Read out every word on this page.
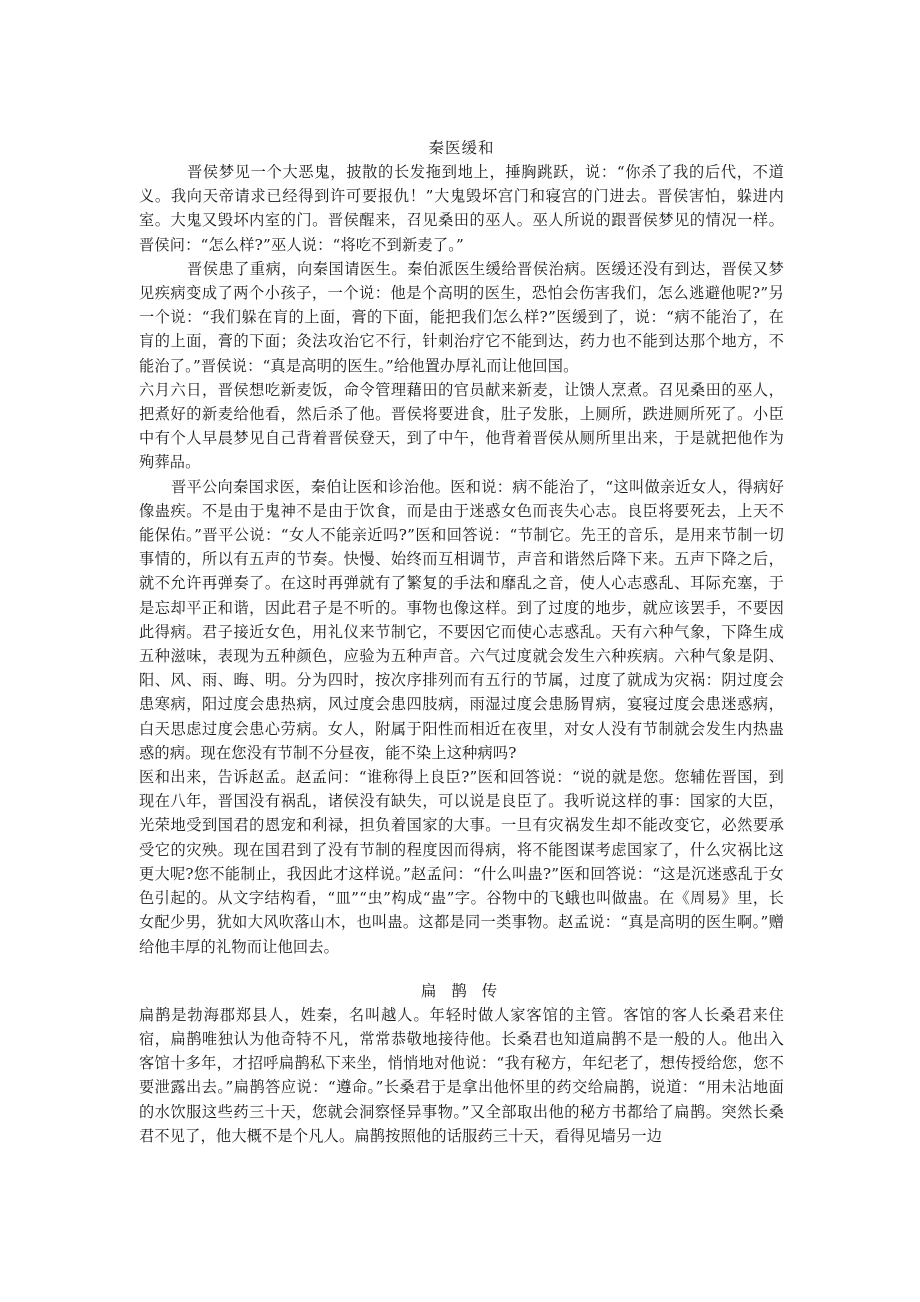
秦医缓和

晋侯梦见一个大恶鬼，披散的长发拖到地上，捶胸跳跃，说：“你杀了我的后代，不道义。我向天帝请求已经得到许可要报仇！”大鬼毁坏宫门和寝宫的门进去。晋侯害怕，躲进内室。大鬼又毁坏内室的门。晋侯醒来，召见桑田的巫人。巫人所说的跟晋侯梦见的情况一样。晋侯问：“怎么样?”巫人说：“将吃不到新麦了。”

晋侯患了重病，向秦国请医生。秦伯派医生缓给晋侯治病。医缓还没有到达，晋侯又梦见疾病变成了两个小孩子，一个说：他是个高明的医生，恐怕会伤害我们，怎么逃避他呢?”另一个说：“我们躲在肓的上面，膏的下面，能把我们怎么样?”医缓到了，说：“病不能治了，在肓的上面，膏的下面；灸法攻治它不行，针刺治疗它不能到达，药力也不能到达那个地方，不能治了。”晋侯说：“真是高明的医生。”给他置办厚礼而让他回国。

六月六日，晋侯想吃新麦饭，命令管理藉田的官员献来新麦，让馈人烹煮。召见桑田的巫人，把煮好的新麦给他看，然后杀了他。晋侯将要进食，肚子发胀，上厕所，跌进厕所死了。小臣中有个人早晨梦见自己背着晋侯登天，到了中午，他背着晋侯从厕所里出来，于是就把他作为殉葬品。

晋平公向秦国求医，秦伯让医和诊治他。医和说：病不能治了，“这叫做亲近女人，得病好像蛊疾。不是由于鬼神不是由于饮食，而是由于迷惑女色而丧失心志。良臣将要死去，上天不能保佑。”晋平公说：“女人不能亲近吗?”医和回答说：“节制它。先王的音乐，是用来节制一切事情的，所以有五声的节奏。快慢、始终而互相调节，声音和谐然后降下来。五声下降之后，就不允许再弹奏了。在这时再弹就有了繁复的手法和靡乱之音，使人心志惑乱、耳际充塞，于是忘却平正和谐，因此君子是不听的。事物也像这样。到了过度的地步，就应该罢手，不要因此得病。君子接近女色，用礼仪来节制它，不要因它而使心志惑乱。天有六种气象，下降生成五种滋味，表现为五种颜色，应验为五种声音。六气过度就会发生六种疾病。六种气象是阴、阳、风、雨、晦、明。分为四时，按次序排列而有五行的节属，过度了就成为灾祸：阴过度会患寒病，阳过度会患热病，风过度会患四肢病，雨湿过度会患肠胃病，宴寝过度会患迷惑病，白天思虑过度会患心劳病。女人，附属于阳性而相近在夜里，对女人没有节制就会发生内热蛊惑的病。现在您没有节制不分昼夜，能不染上这种病吗?

医和出来，告诉赵孟。赵孟问：“谁称得上良臣?”医和回答说：“说的就是您。您辅佐晋国，到现在八年，晋国没有祸乱，诸侯没有缺失，可以说是良臣了。我听说这样的事：国家的大臣，光荣地受到国君的恩宠和利禄，担负着国家的大事。一旦有灾祸发生却不能改变它，必然要承受它的灾殃。现在国君到了没有节制的程度因而得病，将不能图谋考虑国家了，什么灾祸比这更大呢?您不能制止，我因此才这样说。”赵孟问：“什么叫蛊?”医和回答说：“这是沉迷惑乱于女色引起的。从文字结构看，“皿”“虫”构成“蛊”字。谷物中的飞蛾也叫做蛊。在《周易》里，长女配少男，犹如大风吹落山木，也叫蛊。这都是同一类事物。赵孟说：“真是高明的医生啊。”赠给他丰厚的礼物而让他回去。

扁 鹊 传

扁鹊是勃海郡郑县人，姓秦，名叫越人。年轻时做人家客馆的主管。客馆的客人长桑君来住宿，扁鹊唯独认为他奇特不凡，常常恭敬地接待他。长桑君也知道扁鹊不是一般的人。他出入客馆十多年，才招呼扁鹊私下来坐，悄悄地对他说：“我有秘方，年纪老了，想传授给您，您不要泄露出去。”扁鹊答应说：“遵命。”长桑君于是拿出他怀里的药交给扁鹊，说道：“用未沾地面的水饮服这些药三十天，您就会洞察怪异事物。”又全部取出他的秘方书都给了扁鹊。突然长桑君不见了，他大概不是个凡人。扁鹊按照他的话服药三十天，看得见墙另一边
